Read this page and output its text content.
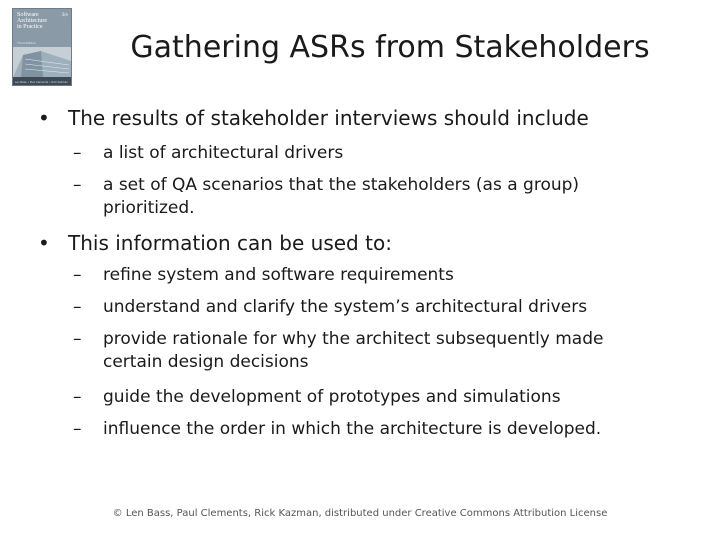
Software
Architecture
in Practice
3/e
Third Edition
Len Bass • Paul Clements • Rick Kazman
Gathering ASRs from Stakeholders
• The results of stakeholder interviews should include
– a list of architectural drivers
– a set of QA scenarios that the stakeholders (as a group)
prioritized.
• This information can be used to:
– refine system and software requirements
– understand and clarify the system’s architectural drivers
– provide rationale for why the architect subsequently made
certain design decisions
– guide the development of prototypes and simulations
– influence the order in which the architecture is developed.
© Len Bass, Paul Clements, Rick Kazman, distributed under Creative Commons Attribution License
